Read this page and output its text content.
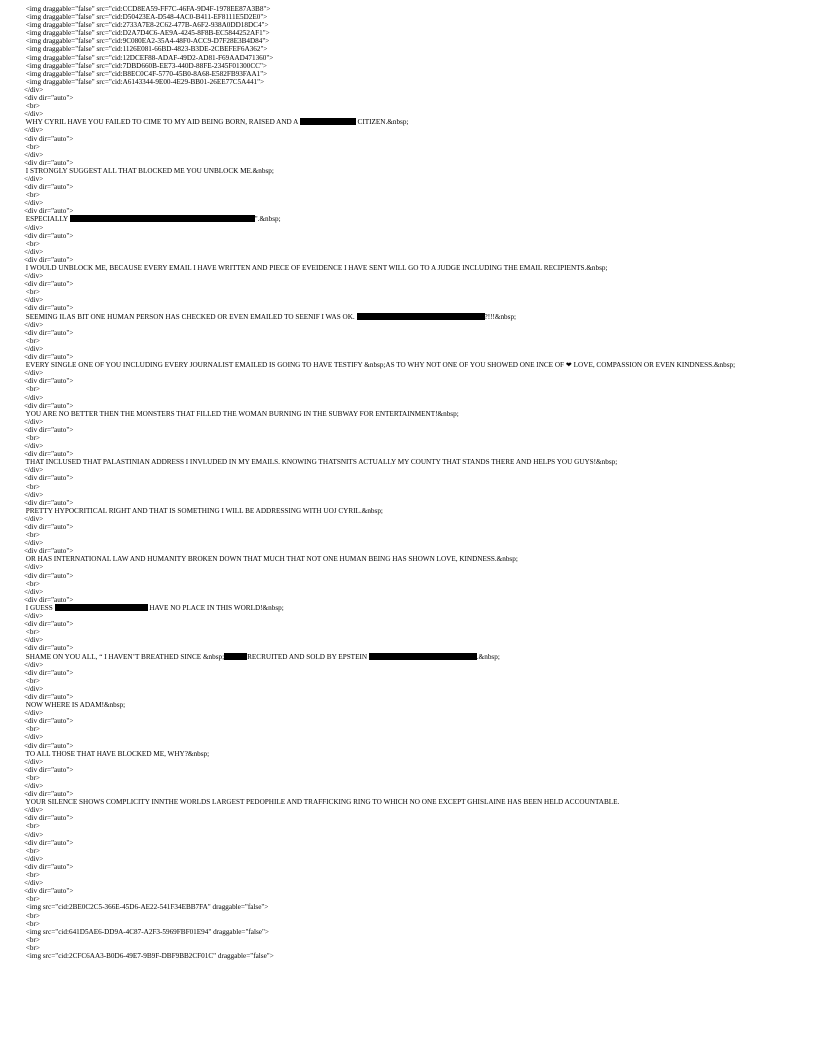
<img draggable="false" src="cid:CCD8EA59-FF7C-46FA-9D4F-1978EE87A3B8">
<img draggable="false" src="cid:D50423EA-D548-4AC0-B411-EF8111E5D2E0">
<img draggable="false" src="cid:2733A7E8-2C62-477B-A6F2-938A0DD18DC4">
<img draggable="false" src="cid:D2A7D4C6-AE9A-4245-8F8B-EC5844252AF1">
<img draggable="false" src="cid:9C080EA2-35A4-48F0-ACC9-D7F28E3B4D84">
<img draggable="false" src="cid:1126E081-66BD-4823-B3DE-2CBEFEF6A362">
<img draggable="false" src="cid:12DCEF88-ADAF-49D2-AD81-F69AAD471360">
<img draggable="false" src="cid:7DBD660B-EE73-440D-88FE-2345F01300CC">
<img draggable="false" src="cid:B8EC0C4F-5770-45B0-8A68-E582FB93FAA1">
<img draggable="false" src="cid:A6143344-9E00-4E29-BB01-26EE77C5A441">
</div>
<div dir="auto">
<br>
</div>
WHY CYRIL HAVE YOU FAILED TO CIME TO MY AID BEING BORN, RAISED AND A	CITIZEN.&nbsp;
</div>
<div dir="auto">
<br>
</div>
<div dir="auto">
I STRONGLY SUGGEST ALL THAT BLOCKED ME YOU UNBLOCK ME.&nbsp;
</div>
<div dir="auto">
<br>
</div>
<div dir="auto">
ESPECIALLY	".&nbsp;
</div>
<div dir="auto">
<br>
</div>
<div dir="auto">
I WOULD UNBLOCK ME, BECAUSE EVERY EMAIL I HAVE WRITTEN AND PIECE OF EVEIDENCE I HAVE SENT WILL GO TO A JUDGE INCLUDING THE EMAIL RECIPIENTS.&nbsp;
</div>
<div dir="auto">
<br>
</div>
<div dir="auto">
SEEMING ILAS BIT ONE HUMAN PERSON HAS CHECKED OR EVEN EMAILED TO SEENIF I WAS OK.	?!!!&nbsp;
</div>
<div dir="auto">
<br>
</div>
<div dir="auto">
EVERY SINGLE ONE OF YOU INCLUDING EVERY JOURNALIST EMAILED IS GOING TO HAVE TESTIFY &nbsp;AS TO WHY NOT ONE OF YOU SHOWED ONE INCE OF ❤ LOVE, COMPASSION OR EVEN KINDNESS.&nbsp;
</div>
<div dir="auto">
<br>
</div>
<div dir="auto">
YOU ARE NO BETTER THEN THE MONSTERS THAT FILLED THE WOMAN BURNING IN THE SUBWAY FOR ENTERTAINMENT!&nbsp;
</div>
<div dir="auto">
<br>
</div>
<div dir="auto">
THAT INCLUSED THAT PALASTINIAN ADDRESS I INVLUDED IN MY EMAILS. KNOWING THATSNITS ACTUALLY MY COUNTY THAT STANDS THERE AND HELPS YOU GUYS!&nbsp;
</div>
<div dir="auto">
<br>
</div>
<div dir="auto">
PRETTY HYPOCRITICAL RIGHT AND THAT IS SOMETHING I WILL BE ADDRESSING WITH UOJ CYRIL.&nbsp;
</div>
<div dir="auto">
<br>
</div>
<div dir="auto">
OR HAS INTERNATIONAL LAW AND HUMANITY BROKEN DOWN THAT MUCH THAT NOT ONE HUMAN BEING HAS SHOWN LOVE, KINDNESS.&nbsp;
</div>
<div dir="auto">
<br>
</div>
<div dir="auto">
I GUESS	HAVE NO PLACE IN THIS WORLD!&nbsp;
</div>
<div dir="auto">
<br>
</div>
<div dir="auto">
SHAME ON YOU ALL, “ I HAVEN’T BREATHED SINCE &nbsp;	RECRUITED AND SOLD BY EPSTEIN	.&nbsp;
</div>
<div dir="auto">
<br>
</div>
<div dir="auto">
NOW WHERE IS ADAM!&nbsp;
</div>
<div dir="auto">
<br>
</div>
<div dir="auto">
TO ALL THOSE THAT HAVE BLOCKED ME, WHY?&nbsp;
</div>
<div dir="auto">
<br>
</div>
<div dir="auto">
YOUR SILENCE SHOWS COMPLICITY INNTHE WORLDS LARGEST PEDOPHILE AND TRAFFICKING RING TO WHICH NO ONE EXCEPT GHISLAINE HAS BEEN HELD ACCOUNTABLE.
</div>
<div dir="auto">
<br>
</div>
<div dir="auto">
<br>
</div>
<div dir="auto">
<br>
</div>
<div dir="auto">
<br>
<img src="cid:2BE0C2C5-366E-45D6-AE22-541F34EBB7FA" draggable="false">
<br>
<br>
<img src="cid:641D5AE6-DD9A-4C87-A2F3-5969FBF01E94" draggable="false">
<br>
<br>
<img src="cid:2CFC6AA3-B0D6-49E7-9B9F-DBF9BB2CF01C" draggable="false">
